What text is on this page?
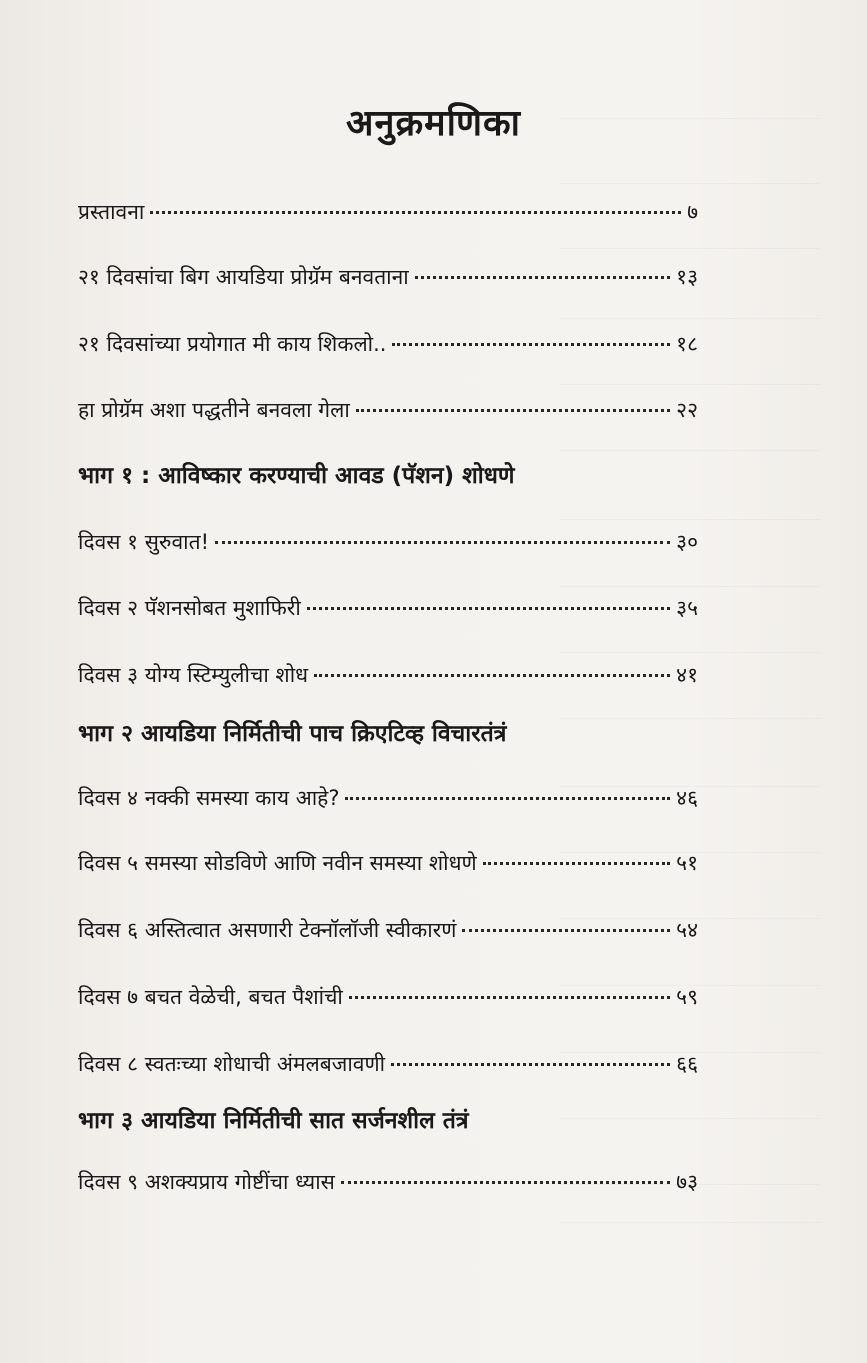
अनुक्रमणिका
प्रस्तावना	७
२१ दिवसांचा बिग आयडिया प्रोग्रॅम बनवताना	१३
२१ दिवसांच्या प्रयोगात मी काय शिकलो..	१८
हा प्रोग्रॅम अशा पद्धतीने बनवला गेला	२२
भाग १ : आविष्कार करण्याची आवड (पॅशन) शोधणे
दिवस १ सुरुवात!	३०
दिवस २ पॅशनसोबत मुशाफिरी	३५
दिवस ३ योग्य स्टिम्युलीचा शोध	४१
भाग २ आयडिया निर्मितीची पाच क्रिएटिव्ह विचारतंत्रं
दिवस ४ नक्की समस्या काय आहे?	४६
दिवस ५ समस्या सोडविणे आणि नवीन समस्या शोधणे	५१
दिवस ६ अस्तित्वात असणारी टेक्नॉलॉजी स्वीकारणं	५४
दिवस ७ बचत वेळेची, बचत पैशांची	५९
दिवस ८ स्वतःच्या शोधाची अंमलबजावणी	६६
भाग ३ आयडिया निर्मितीची सात सर्जनशील तंत्रं
दिवस ९ अशक्यप्राय गोष्टींचा ध्यास	७३
